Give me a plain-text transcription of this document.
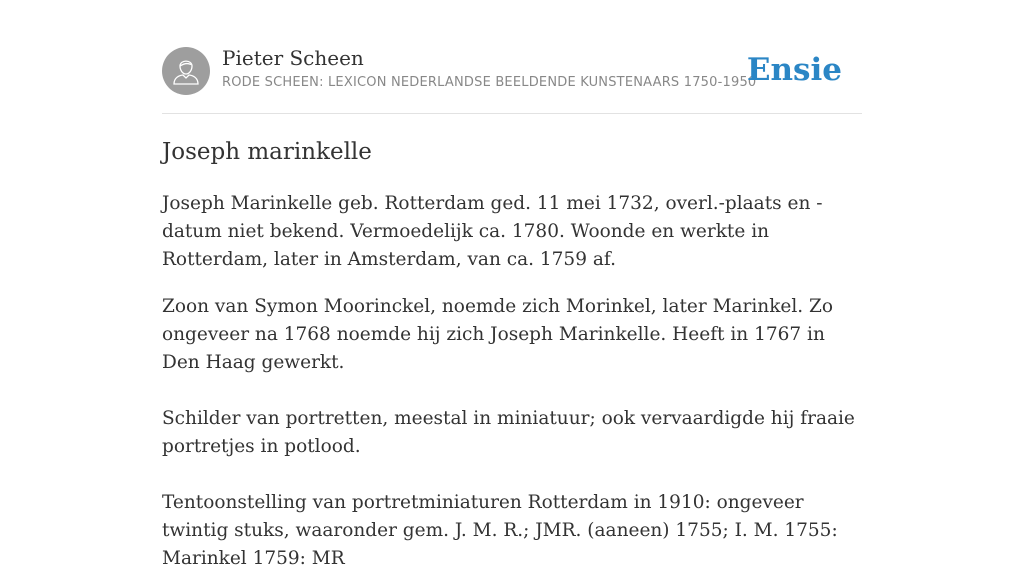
Pieter Scheen
RODE SCHEEN: LEXICON NEDERLANDSE BEELDENDE KUNSTENAARS 1750-1950
Ensie
Joseph marinkelle

Joseph Marinkelle geb. Rotterdam ged. 11 mei 1732, overl.-plaats en -datum niet bekend. Vermoedelijk ca. 1780. Woonde en werkte in Rotterdam, later in Amsterdam, van ca. 1759 af.

Zoon van Symon Moorinckel, noemde zich Morinkel, later Marinkel. Zo ongeveer na 1768 noemde hij zich Joseph Marinkelle. Heeft in 1767 in Den Haag gewerkt.

Schilder van portretten, meestal in miniatuur; ook vervaardigde hij fraaie portretjes in potlood.

Tentoonstelling van portretminiaturen Rotterdam in 1910: ongeveer twintig stuks, waaronder gem. J. M. R.; JMR. (aaneen) 1755; I. M. 1755: Marinkel 1759: MR
